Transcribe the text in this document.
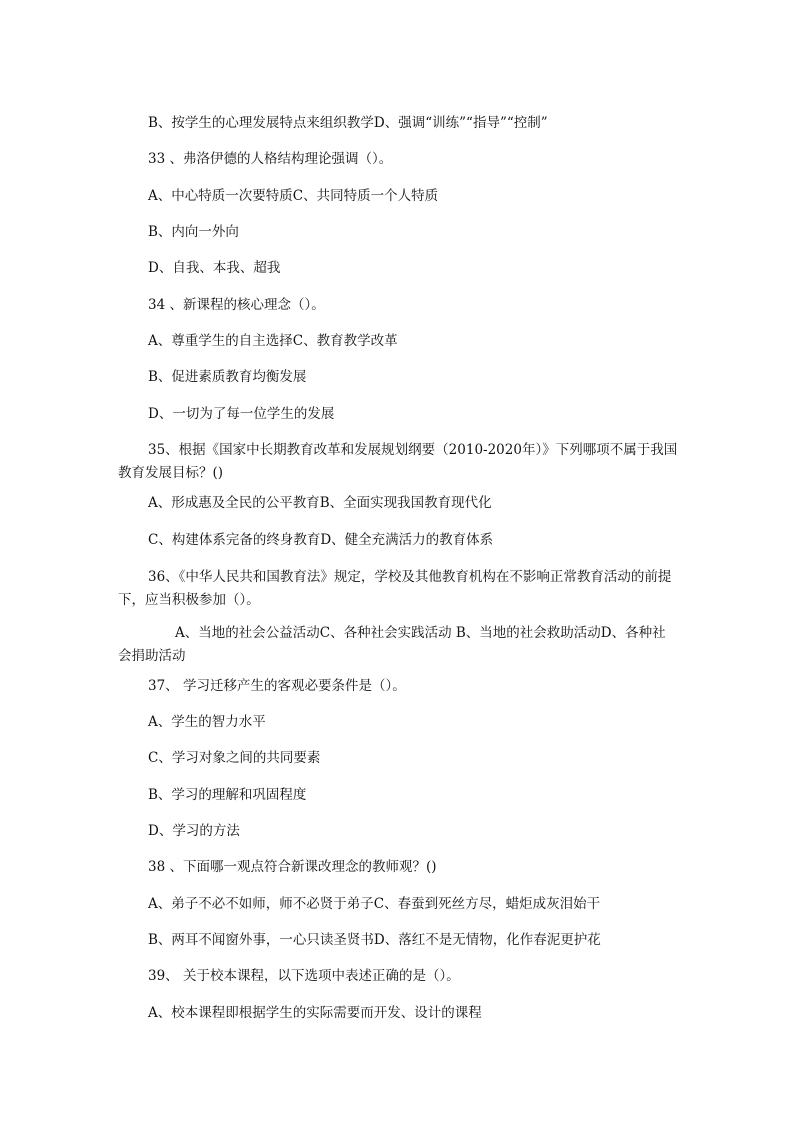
B、按学生的心理发展特点来组织教学D、强调“训练”“指导”“控制”
33 、弗洛伊德的人格结构理论强调（）。
A、中心特质一次要特质C、共同特质一个人特质
B、内向一外向
D、自我、本我、超我
34 、新课程的核心理念（）。
A、尊重学生的自主选择C、教育教学改革
B、促进素质教育均衡发展
D、一切为了每一位学生的发展
35、根据《国家中长期教育改革和发展规划纲要（2010-2020年）》下列哪项不属于我国教育发展目标？()
A、形成惠及全民的公平教育B、全面实现我国教育现代化
C、构建体系完备的终身教育D、健全充满活力的教育体系
36、《中华人民共和国教育法》规定，学校及其他教育机构在不影响正常教育活动的前提下，应当积极参加（）。
A、当地的社会公益活动C、各种社会实践活动 B、当地的社会救助活动D、各种社会捐助活动
37、 学习迁移产生的客观必要条件是（）。
A、学生的智力水平
C、学习对象之间的共同要素
B、学习的理解和巩固程度
D、学习的方法
38 、下面哪一观点符合新课改理念的教师观？()
A、弟子不必不如师，师不必贤于弟子C、春蚕到死丝方尽，蜡炬成灰泪始干
B、两耳不闻窗外事，一心只读圣贤书D、落红不是无情物，化作春泥更护花
39、 关于校本课程，以下选项中表述正确的是（）。
A、校本课程即根据学生的实际需要而开发、设计的课程
